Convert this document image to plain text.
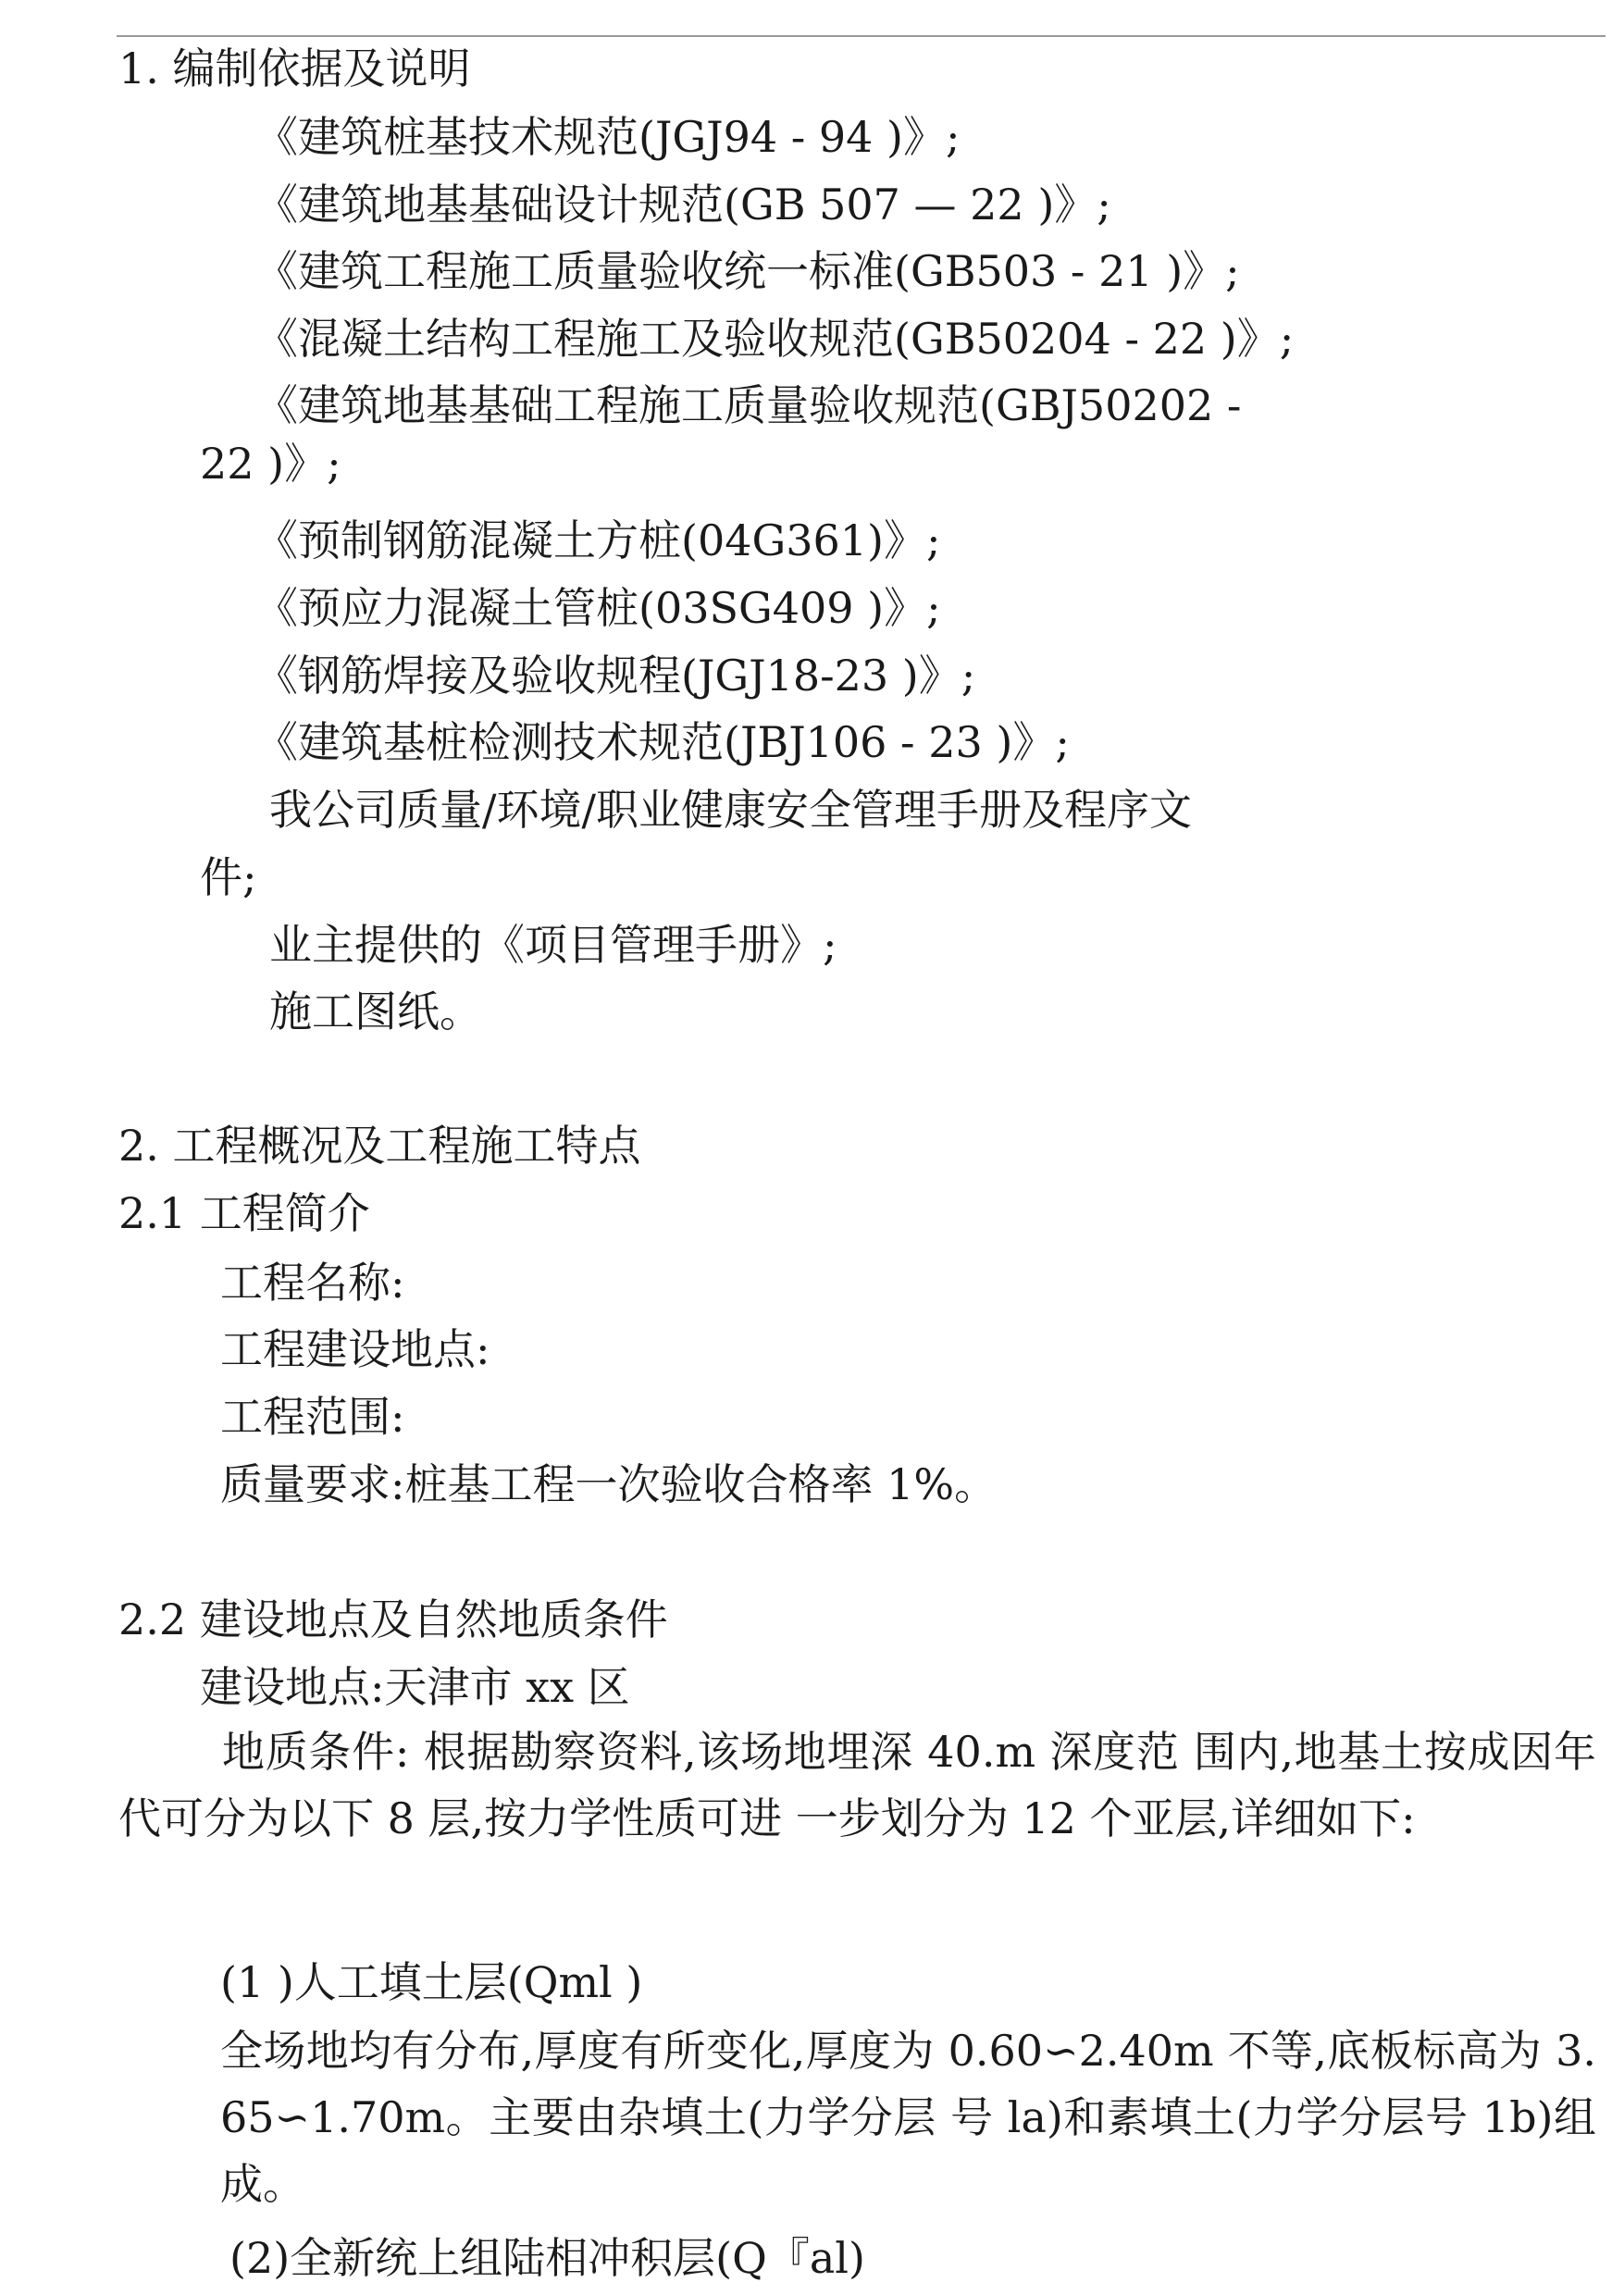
1. 编制依据及说明
《建筑桩基技术规范(JGJ94 - 94 )》;
《建筑地基基础设计规范(GB 507 — 22 )》;
《建筑工程施工质量验收统一标准(GB503 - 21 )》;
《混凝土结构工程施工及验收规范(GB50204 - 22 )》;
《建筑地基基础工程施工质量验收规范(GBJ50202 -
22 )》;
《预制钢筋混凝土方桩(04G361)》;
《预应力混凝土管桩(03SG409 )》;
《钢筋焊接及验收规程(JGJ18-23 )》;
《建筑基桩检测技术规范(JBJ106 - 23 )》;
我公司质量/环境/职业健康安全管理手册及程序文
件;
业主提供的《项目管理手册》;
施工图纸。
2. 工程概况及工程施工特点
2.1 工程简介
工程名称:
工程建设地点:
工程范围:
质量要求:桩基工程一次验收合格率 1%。
2.2 建设地点及自然地质条件
建设地点:天津市 xx 区
地质条件: 根据勘察资料,该场地埋深 40.m 深度范 围内,地基土按成因年代可分为以下 8 层,按力学性质可进 一步划分为 12 个亚层,详细如下:
(1 )人工填土层(Qml )
全场地均有分布,厚度有所变化,厚度为 0.60∽2.40m 不等,底板标高为 3.65∽1.70m。主要由杂填土(力学分层 号 la)和素填土(力学分层号 1b)组成。
(2)全新统上组陆相冲积层(Q『al)
